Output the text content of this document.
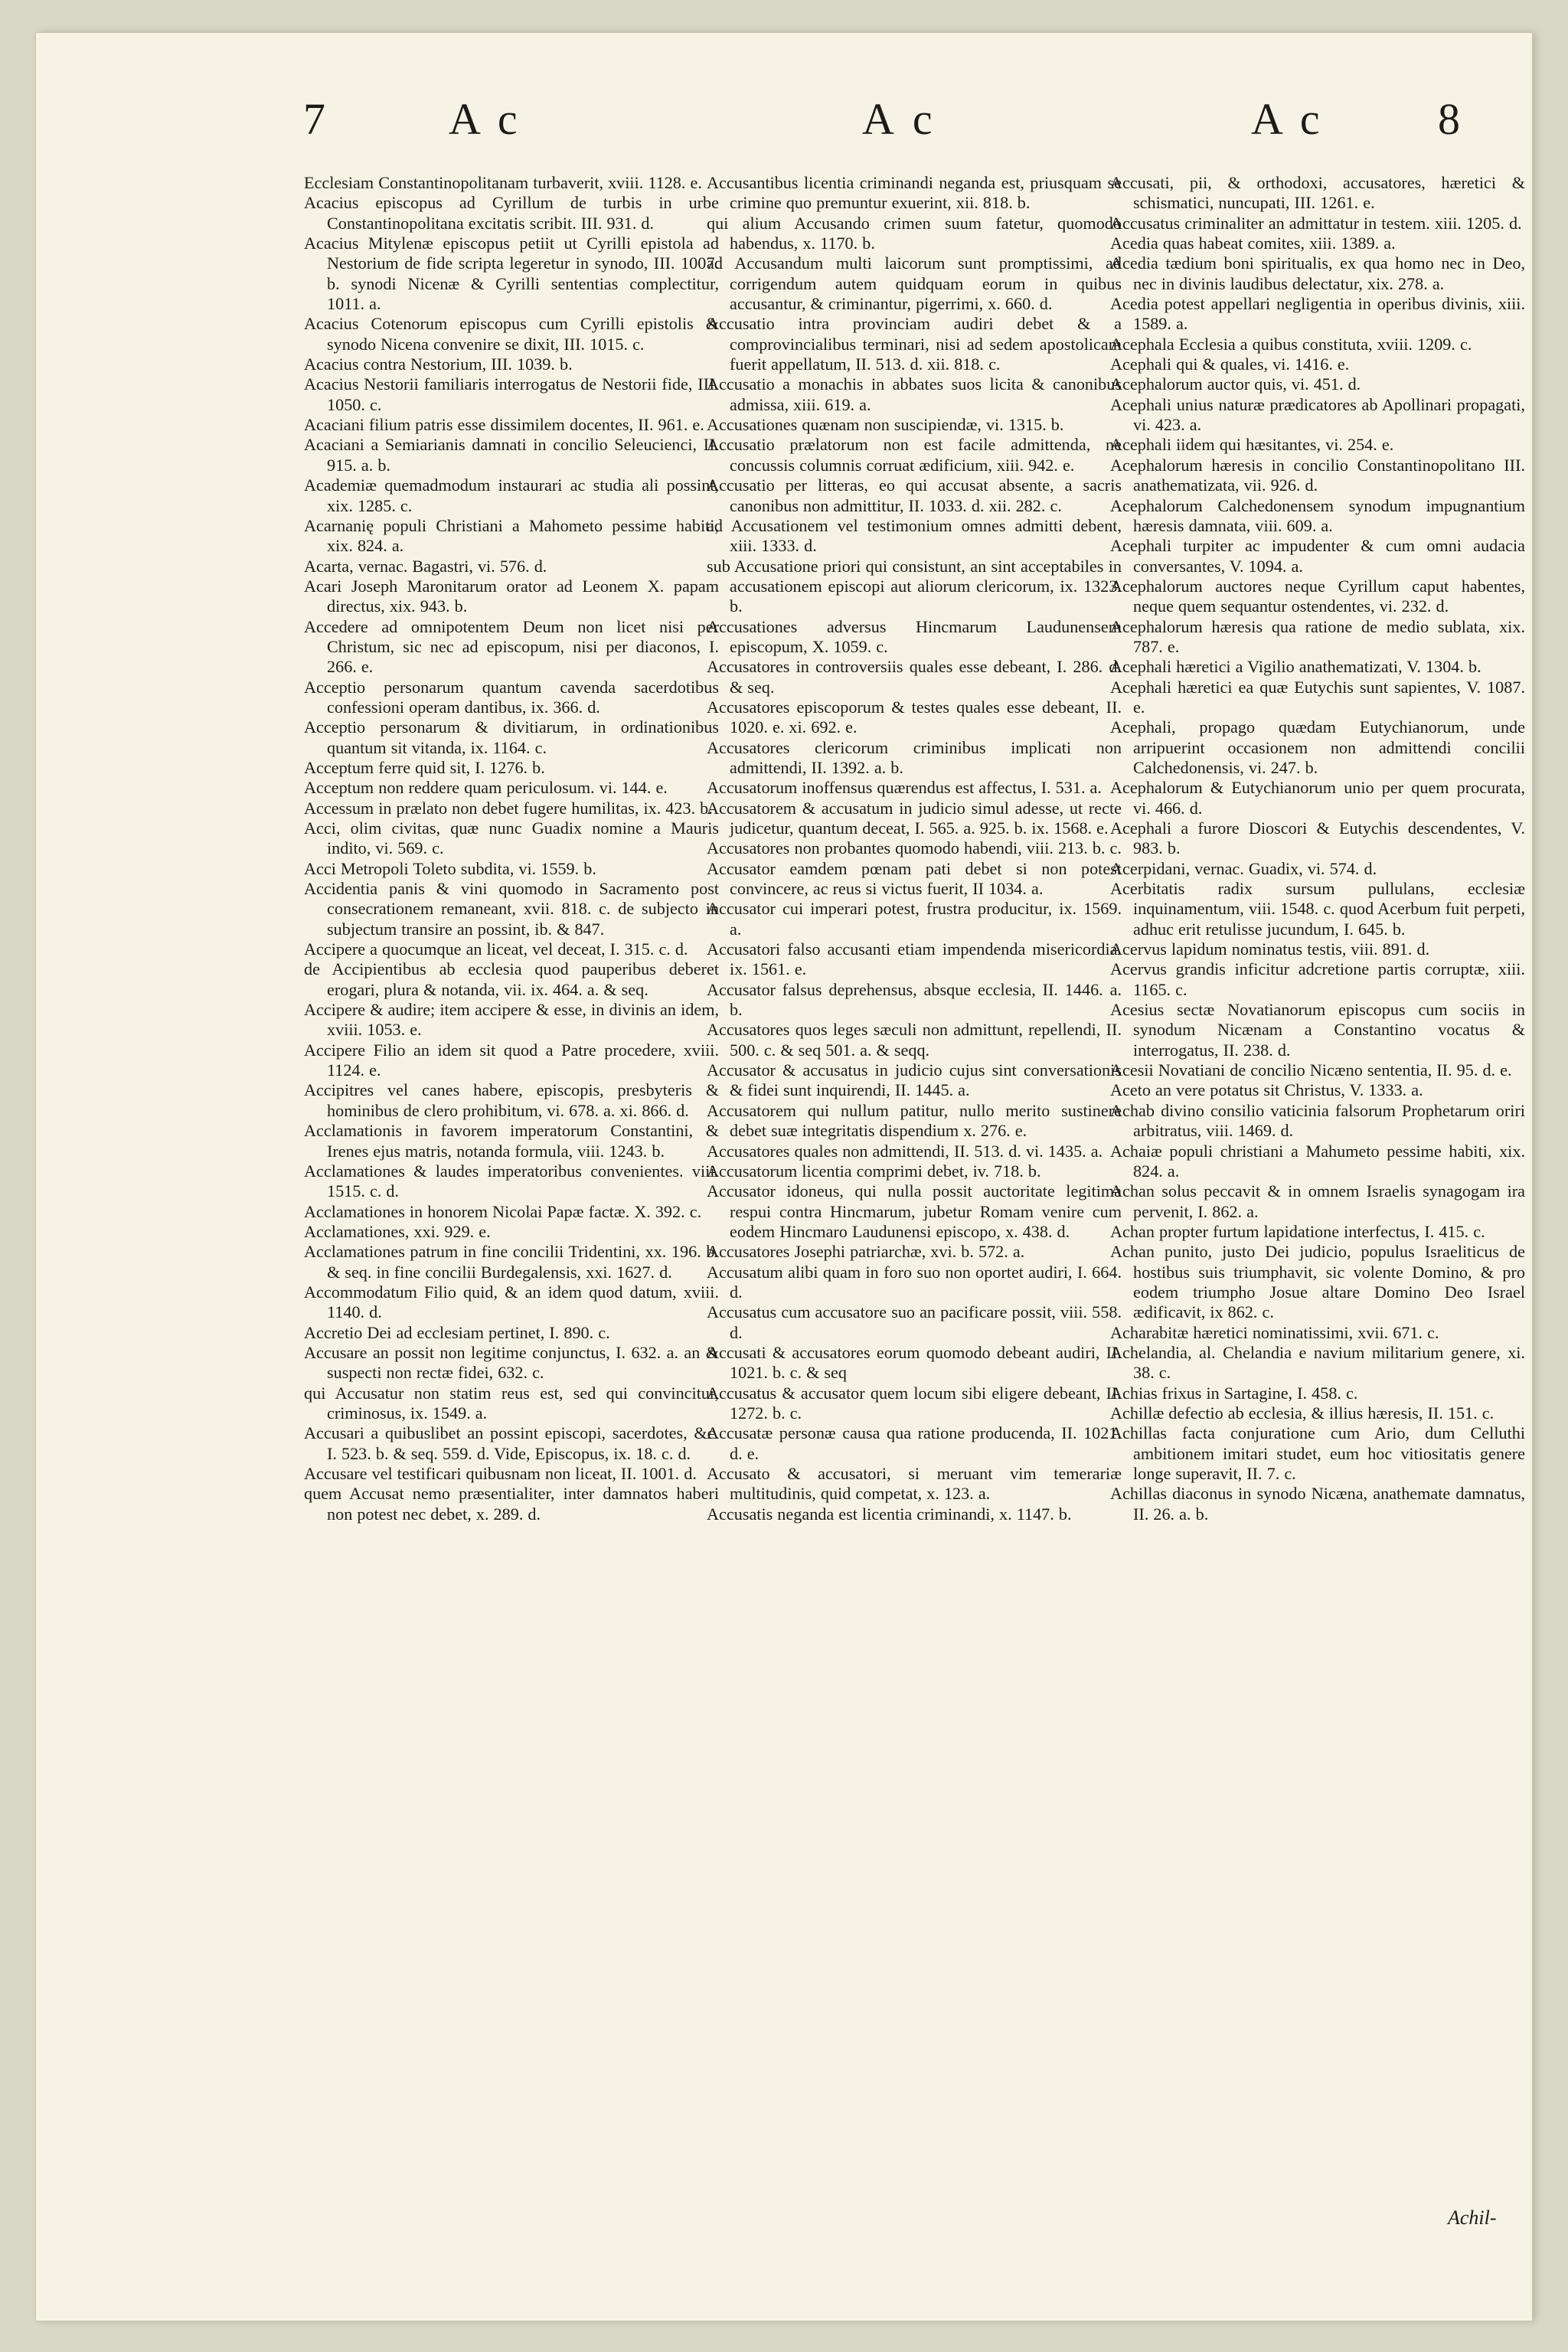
7	Ac	Ac	Ac 8

Ecclesiam Constantinopolitanam turbaverit, xviii. 1128. e.

Acacius episcopus ad Cyrillum de turbis in urbe Constantinopolitana excitatis scribit. III. 931. d.

Acacius Mitylenæ episcopus petiit ut Cyrilli epistola ad Nestorium de fide scripta legeretur in synodo, III. 1007. b. synodi Nicenæ & Cyrilli sententias complectitur, 1011. a.

Acacius Cotenorum episcopus cum Cyrilli epistolis & synodo Nicena convenire se dixit, III. 1015. c.

Acacius contra Nestorium, III. 1039. b.

Acacius Nestorii familiaris interrogatus de Nestorii fide, III. 1050. c.

Acaciani filium patris esse dissimilem docentes, II. 961. e.

Acaciani a Semiarianis damnati in concilio Seleucienci, II. 915. a. b.

Academiæ quemadmodum instaurari ac studia ali possint, xix. 1285. c.

Acarnanię populi Christiani a Mahometo pessime habiti, xix. 824. a.

Acarta, vernac. Bagastri, vi. 576. d.

Acari Joseph Maronitarum orator ad Leonem X. papam directus, xix. 943. b.

Accedere ad omnipotentem Deum non licet nisi per Christum, sic nec ad episcopum, nisi per diaconos, I. 266. e.

Acceptio personarum quantum cavenda sacerdotibus confessioni operam dantibus, ix. 366. d.

Acceptio personarum & divitiarum, in ordinationibus quantum sit vitanda, ix. 1164. c.

Acceptum ferre quid sit, I. 1276. b.

Acceptum non reddere quam periculosum. vi. 144. e.

Accessum in prælato non debet fugere humilitas, ix. 423. b.

Acci, olim civitas, quæ nunc Guadix nomine a Mauris indito, vi. 569. c.

Acci Metropoli Toleto subdita, vi. 1559. b.

Accidentia panis & vini quomodo in Sacramento post consecrationem remaneant, xvii. 818. c. de subjecto in subjectum transire an possint, ib. & 847.

Accipere a quocumque an liceat, vel deceat, I. 315. c. d.

de Accipientibus ab ecclesia quod pauperibus deberet erogari, plura & notanda, vii. ix. 464. a. & seq.

Accipere & audire; item accipere & esse, in divinis an idem, xviii. 1053. e.

Accipere Filio an idem sit quod a Patre procedere, xviii. 1124. e.

Accipitres vel canes habere, episcopis, presbyteris & hominibus de clero prohibitum, vi. 678. a. xi. 866. d.

Acclamationis in favorem imperatorum Constantini, & Irenes ejus matris, notanda formula, viii. 1243. b.

Acclamationes & laudes imperatoribus convenientes. viii. 1515. c. d.

Acclamationes in honorem Nicolai Papæ factæ. X. 392. c.

Acclamationes, xxi. 929. e.

Acclamationes patrum in fine concilii Tridentini, xx. 196. b. & seq. in fine concilii Burdegalensis, xxi. 1627. d.

Accommodatum Filio quid, & an idem quod datum, xviii. 1140. d.

Accretio Dei ad ecclesiam pertinet, I. 890. c.

Accusare an possit non legitime conjunctus, I. 632. a. an & suspecti non rectæ fidei, 632. c.

qui Accusatur non statim reus est, sed qui convincitur, criminosus, ix. 1549. a.

Accusari a quibuslibet an possint episcopi, sacerdotes, &c. I. 523. b. & seq. 559. d. Vide, Episcopus, ix. 18. c. d.

Accusare vel testificari quibusnam non liceat, II. 1001. d.

quem Accusat nemo præsentialiter, inter damnatos haberi non potest nec debet, x. 289. d.

Accusantibus licentia criminandi neganda est, priusquam se crimine quo premuntur exuerint, xii. 818. b.

qui alium Accusando crimen suum fatetur, quomodo habendus, x. 1170. b.

ad Accusandum multi laicorum sunt promptissimi, ad corrigendum autem quidquam eorum in quibus accusantur, & criminantur, pigerrimi, x. 660. d.

Accusatio intra provinciam audiri debet & a comprovincialibus terminari, nisi ad sedem apostolicam fuerit appellatum, II. 513. d. xii. 818. c.

Accusatio a monachis in abbates suos licita & canonibus admissa, xiii. 619. a.

Accusationes quænam non suscipiendæ, vi. 1315. b.

Accusatio prælatorum non est facile admittenda, ne concussis columnis corruat ædificium, xiii. 942. e.

Accusatio per litteras, eo qui accusat absente, a sacris canonibus non admittitur, II. 1033. d. xii. 282. c.

ad Accusationem vel testimonium omnes admitti debent, xiii. 1333. d.

sub Accusatione priori qui consistunt, an sint acceptabiles in accusationem episcopi aut aliorum clericorum, ix. 1323. b.

Accusationes adversus Hincmarum Laudunensem episcopum, X. 1059. c.

Accusatores in controversiis quales esse debeant, I. 286. d. & seq.

Accusatores episcoporum & testes quales esse debeant, II. 1020. e. xi. 692. e.

Accusatores clericorum criminibus implicati non admittendi, II. 1392. a. b.

Accusatorum inoffensus quærendus est affectus, I. 531. a.

Accusatorem & accusatum in judicio simul adesse, ut recte judicetur, quantum deceat, I. 565. a. 925. b. ix. 1568. e.

Accusatores non probantes quomodo habendi, viii. 213. b. c.

Accusator eamdem pœnam pati debet si non potest convincere, ac reus si victus fuerit, II 1034. a.

Accusator cui imperari potest, frustra producitur, ix. 1569. a.

Accusatori falso accusanti etiam impendenda misericordia. ix. 1561. e.

Accusator falsus deprehensus, absque ecclesia, II. 1446. a. b.

Accusatores quos leges sæculi non admittunt, repellendi, II. 500. c. & seq 501. a. & seqq.

Accusator & accusatus in judicio cujus sint conversationis & fidei sunt inquirendi, II. 1445. a.

Accusatorem qui nullum patitur, nullo merito sustinere debet suæ integritatis dispendium x. 276. e.

Accusatores quales non admittendi, II. 513. d. vi. 1435. a.

Accusatorum licentia comprimi debet, iv. 718. b.

Accusator idoneus, qui nulla possit auctoritate legitima respui contra Hincmarum, jubetur Romam venire cum eodem Hincmaro Laudunensi episcopo, x. 438. d.

Accusatores Josephi patriarchæ, xvi. b. 572. a.

Accusatum alibi quam in foro suo non oportet audiri, I. 664. d.

Accusatus cum accusatore suo an pacificare possit, viii. 558. d.

Accusati & accusatores eorum quomodo debeant audiri, II. 1021. b. c. & seq

Accusatus & accusator quem locum sibi eligere debeant, II. 1272. b. c.

Accusatæ personæ causa qua ratione producenda, II. 1021. d. e.

Accusato & accusatori, si meruant vim temerariæ multitudinis, quid competat, x. 123. a.

Accusatis neganda est licentia criminandi, x. 1147. b.

Accusati, pii, & orthodoxi, accusatores, hæretici & schismatici, nuncupati, III. 1261. e.

Accusatus criminaliter an admittatur in testem. xiii. 1205. d.

Acedia quas habeat comites, xiii. 1389. a.

Acedia tædium boni spiritualis, ex qua homo nec in Deo, nec in divinis laudibus delectatur, xix. 278. a.

Acedia potest appellari negligentia in operibus divinis, xiii. 1589. a.

Acephala Ecclesia a quibus constituta, xviii. 1209. c.

Acephali qui & quales, vi. 1416. e.

Acephalorum auctor quis, vi. 451. d.

Acephali unius naturæ prædicatores ab Apollinari propagati, vi. 423. a.

Acephali iidem qui hæsitantes, vi. 254. e.

Acephalorum hæresis in concilio Constantinopolitano III. anathematizata, vii. 926. d.

Acephalorum Calchedonensem synodum impugnantium hæresis damnata, viii. 609. a.

Acephali turpiter ac impudenter & cum omni audacia conversantes, V. 1094. a.

Acephalorum auctores neque Cyrillum caput habentes, neque quem sequantur ostendentes, vi. 232. d.

Acephalorum hæresis qua ratione de medio sublata, xix. 787. e.

Acephali hæretici a Vigilio anathematizati, V. 1304. b.

Acephali hæretici ea quæ Eutychis sunt sapientes, V. 1087. e.

Acephali, propago quædam Eutychianorum, unde arripuerint occasionem non admittendi concilii Calchedonensis, vi. 247. b.

Acephalorum & Eutychianorum unio per quem procurata, vi. 466. d.

Acephali a furore Dioscori & Eutychis descendentes, V. 983. b.

Acerpidani, vernac. Guadix, vi. 574. d.

Acerbitatis radix sursum pullulans, ecclesiæ inquinamentum, viii. 1548. c. quod Acerbum fuit perpeti, adhuc erit retulisse jucundum, I. 645. b.

Acervus lapidum nominatus testis, viii. 891. d.

Acervus grandis inficitur adcretione partis corruptæ, xiii. 1165. c.

Acesius sectæ Novatianorum episcopus cum sociis in synodum Nicænam a Constantino vocatus & interrogatus, II. 238. d.

Acesii Novatiani de concilio Nicæno sententia, II. 95. d. e.

Aceto an vere potatus sit Christus, V. 1333. a.

Achab divino consilio vaticinia falsorum Prophetarum oriri arbitratus, viii. 1469. d.

Achaiæ populi christiani a Mahumeto pessime habiti, xix. 824. a.

Achan solus peccavit & in omnem Israelis synagogam ira pervenit, I. 862. a.

Achan propter furtum lapidatione interfectus, I. 415. c.

Achan punito, justo Dei judicio, populus Israeliticus de hostibus suis triumphavit, sic volente Domino, & pro eodem triumpho Josue altare Domino Deo Israel ædificavit, ix 862. c.

Acharabitæ hæretici nominatissimi, xvii. 671. c.

Achelandia, al. Chelandia e navium militarium genere, xi. 38. c.

Achias frixus in Sartagine, I. 458. c.

Achillæ defectio ab ecclesia, & illius hæresis, II. 151. c.

Achillas facta conjuratione cum Ario, dum Celluthi ambitionem imitari studet, eum hoc vitiositatis genere longe superavit, II. 7. c.

Achillas diaconus in synodo Nicæna, anathemate damnatus, II. 26. a. b.

Achil-
